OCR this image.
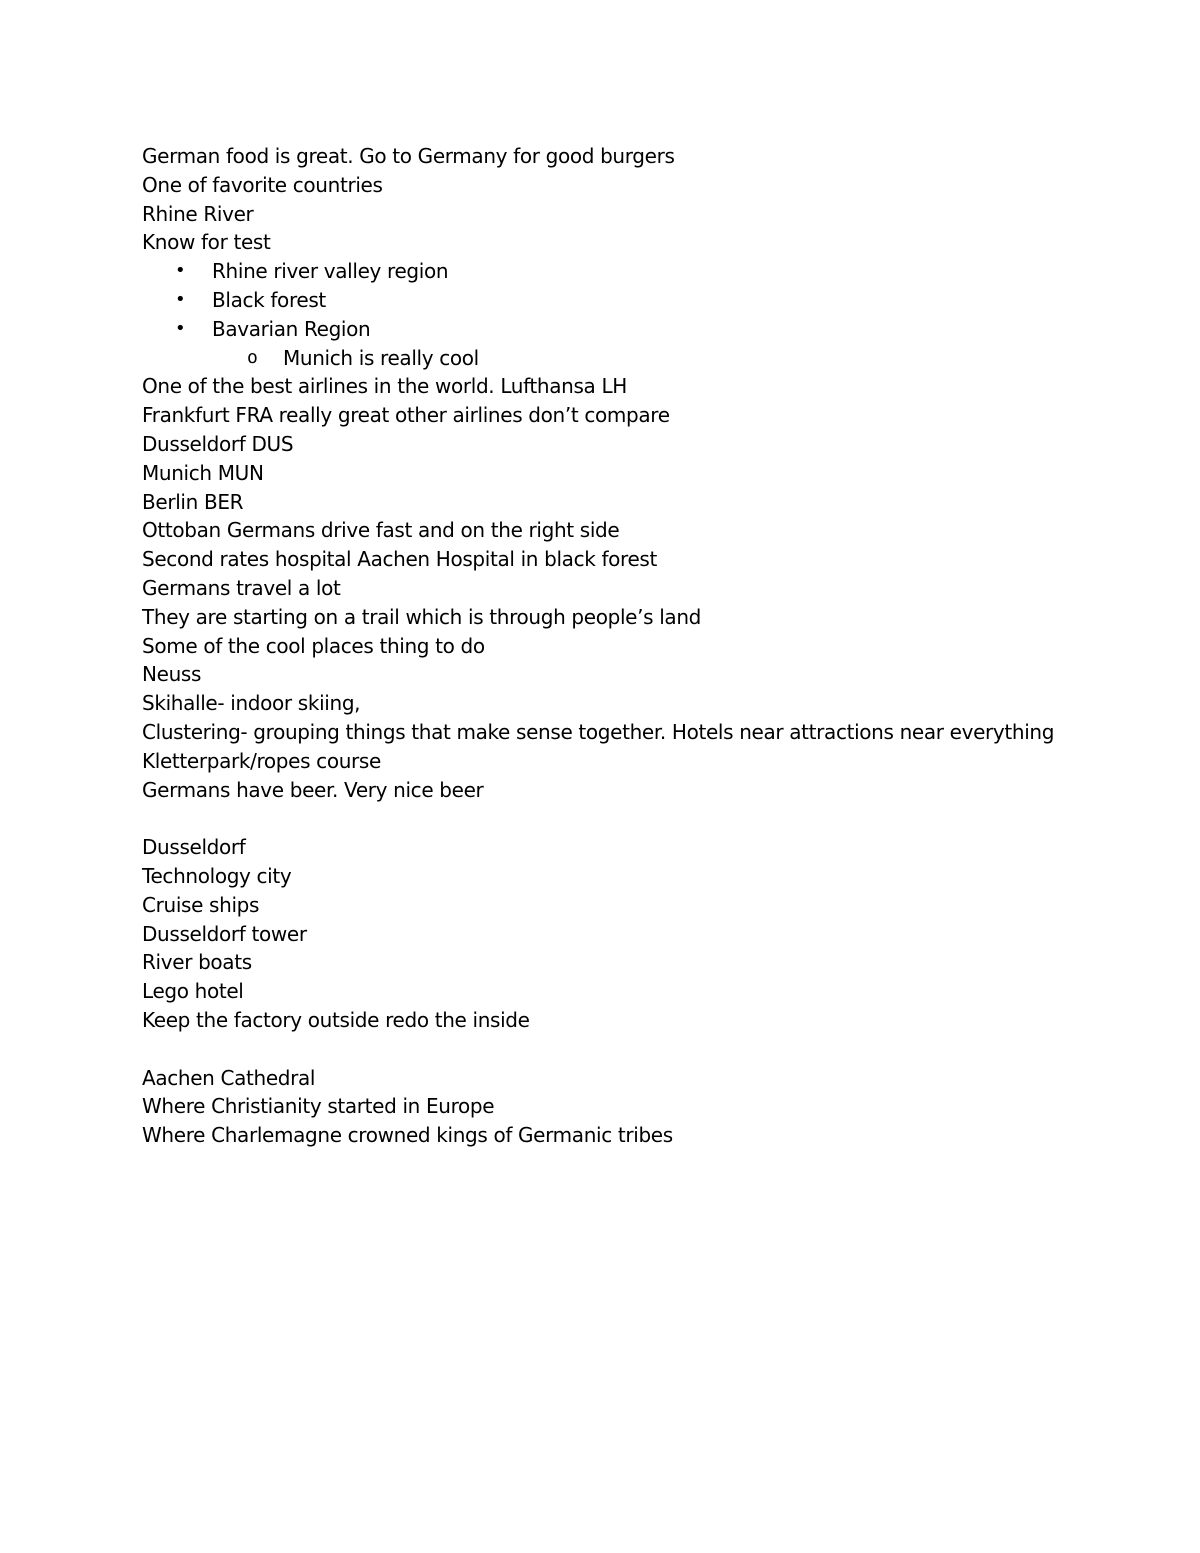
German food is great. Go to Germany for good burgers
One of favorite countries
Rhine River
Know for test
• Rhine river valley region
• Black forest
• Bavarian Region
o Munich is really cool
One of the best airlines in the world. Lufthansa LH
Frankfurt FRA really great other airlines don’t compare
Dusseldorf DUS
Munich MUN
Berlin BER
Ottoban Germans drive fast and on the right side
Second rates hospital Aachen Hospital in black forest
Germans travel a lot
They are starting on a trail which is through people’s land
Some of the cool places thing to do
Neuss
Skihalle- indoor skiing,
Clustering- grouping things that make sense together. Hotels near attractions near everything
Kletterpark/ropes course
Germans have beer. Very nice beer
Dusseldorf
Technology city
Cruise ships
Dusseldorf tower
River boats
Lego hotel
Keep the factory outside redo the inside
Aachen Cathedral
Where Christianity started in Europe
Where Charlemagne crowned kings of Germanic tribes
